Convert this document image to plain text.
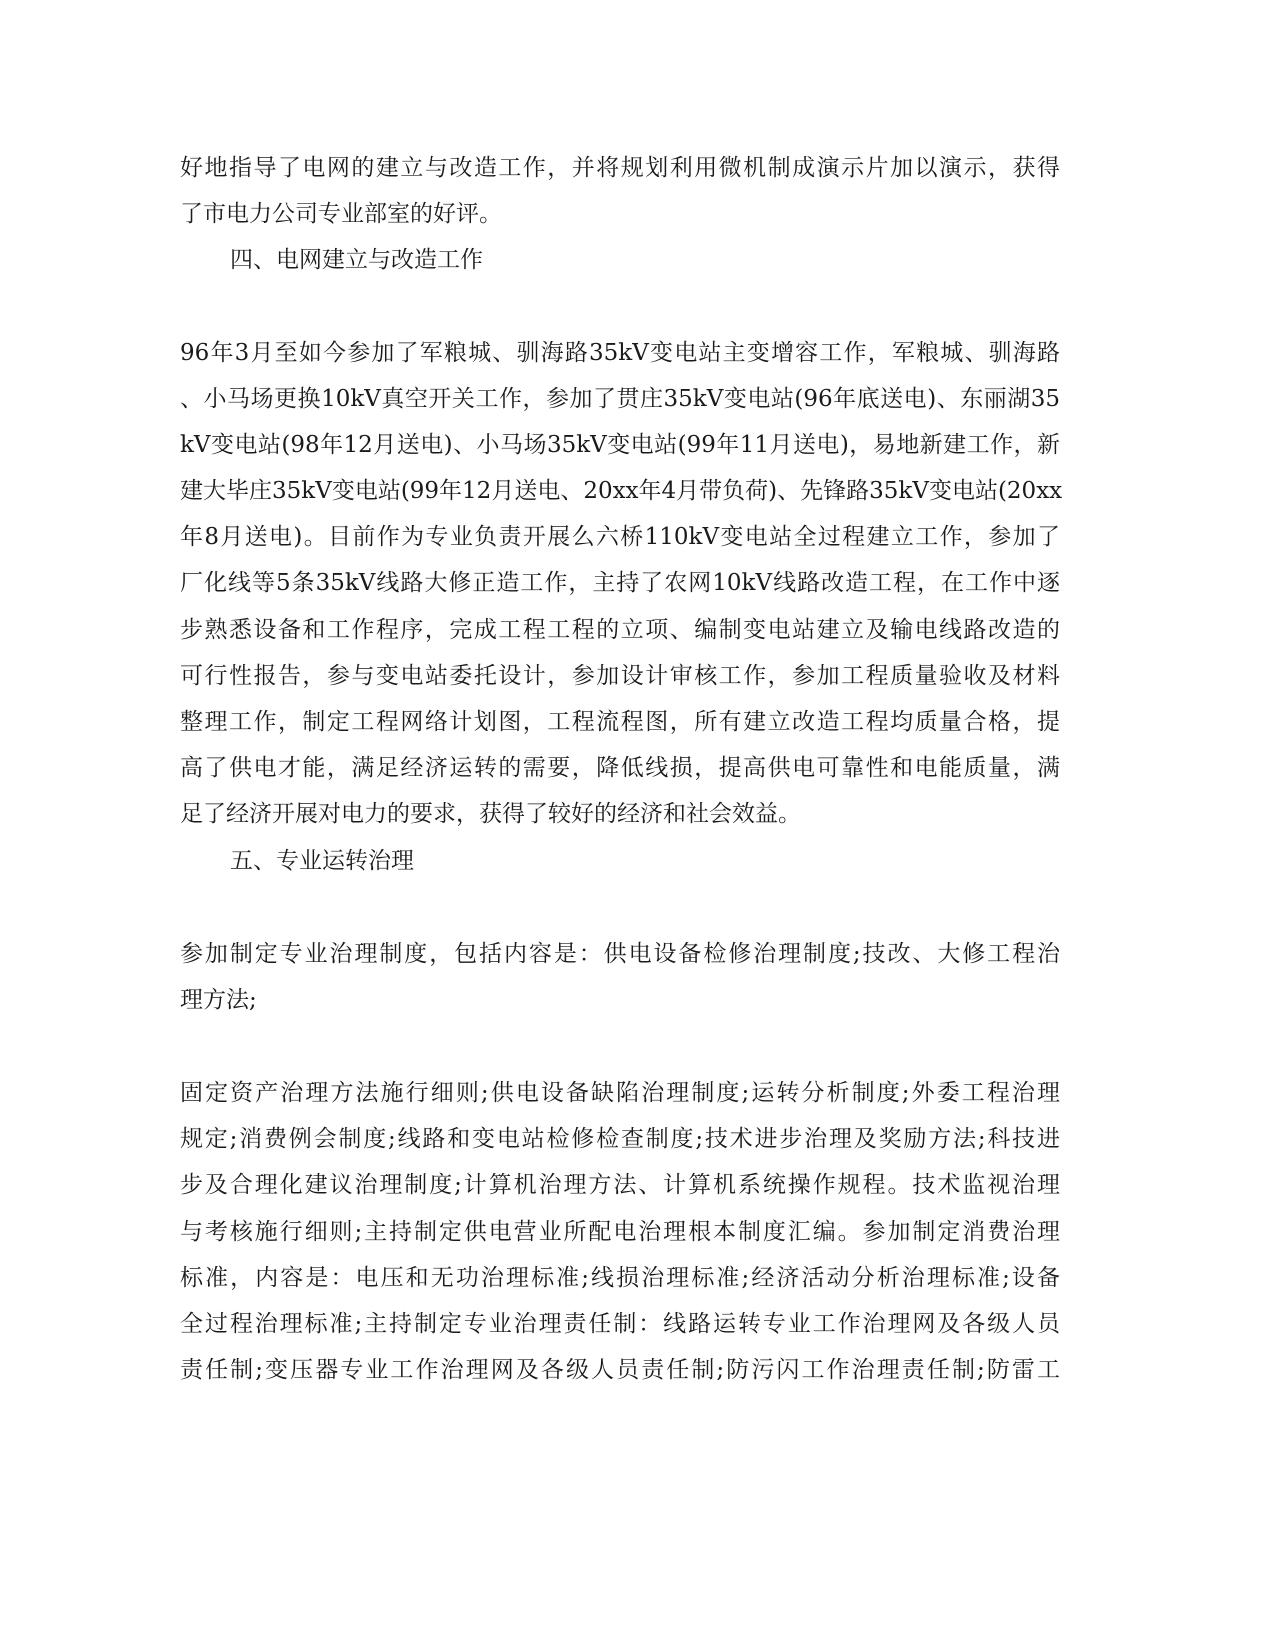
好地指导了电网的建立与改造工作，并将规划利用微机制成演示片加以演示，获得
了市电力公司专业部室的好评。
四、电网建立与改造工作
96年3月至如今参加了军粮城、驯海路35kV变电站主变增容工作，军粮城、驯海路
、小马场更换10kV真空开关工作，参加了贯庄35kV变电站(96年底送电)、东丽湖35
kV变电站(98年12月送电)、小马场35kV变电站(99年11月送电)，易地新建工作，新
建大毕庄35kV变电站(99年12月送电、20xx年4月带负荷)、先锋路35kV变电站(20xx
年8月送电)。目前作为专业负责开展么六桥110kV变电站全过程建立工作，参加了
厂化线等5条35kV线路大修正造工作，主持了农网10kV线路改造工程，在工作中逐
步熟悉设备和工作程序，完成工程工程的立项、编制变电站建立及输电线路改造的
可行性报告，参与变电站委托设计，参加设计审核工作，参加工程质量验收及材料
整理工作，制定工程网络计划图，工程流程图，所有建立改造工程均质量合格，提
高了供电才能，满足经济运转的需要，降低线损，提高供电可靠性和电能质量，满
足了经济开展对电力的要求，获得了较好的经济和社会效益。
五、专业运转治理
参加制定专业治理制度，包括内容是：供电设备检修治理制度;技改、大修工程治
理方法;
固定资产治理方法施行细则;供电设备缺陷治理制度;运转分析制度;外委工程治理
规定;消费例会制度;线路和变电站检修检查制度;技术进步治理及奖励方法;科技进
步及合理化建议治理制度;计算机治理方法、计算机系统操作规程。技术监视治理
与考核施行细则;主持制定供电营业所配电治理根本制度汇编。参加制定消费治理
标准，内容是：电压和无功治理标准;线损治理标准;经济活动分析治理标准;设备
全过程治理标准;主持制定专业治理责任制：线路运转专业工作治理网及各级人员
责任制;变压器专业工作治理网及各级人员责任制;防污闪工作治理责任制;防雷工
